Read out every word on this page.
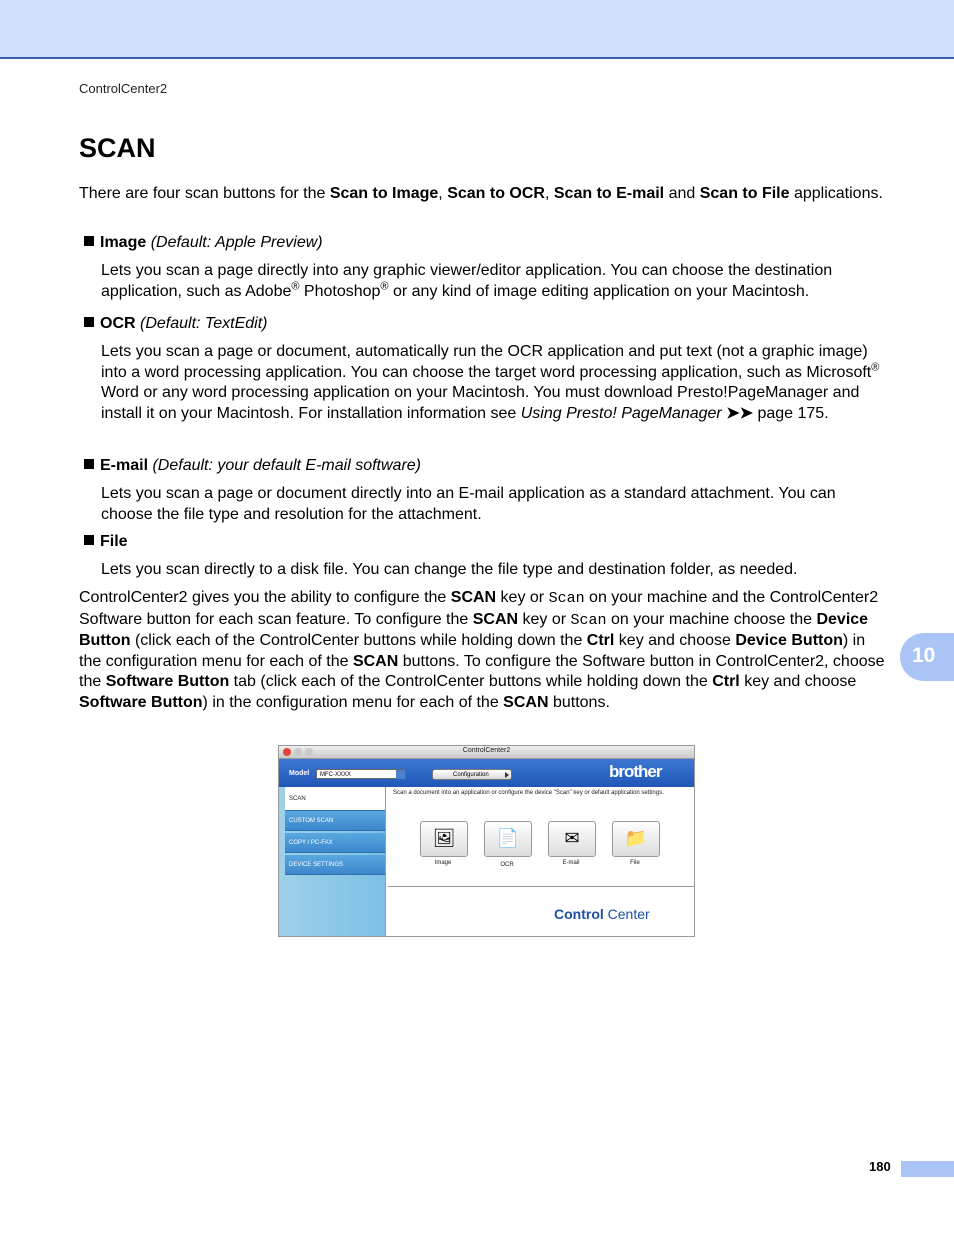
ControlCenter2
SCAN

There are four scan buttons for the Scan to Image, Scan to OCR, Scan to E-mail and Scan to File applications.

Image (Default: Apple Preview)
Lets you scan a page directly into any graphic viewer/editor application. You can choose the destination application, such as Adobe® Photoshop® or any kind of image editing application on your Macintosh.
OCR (Default: TextEdit)
Lets you scan a page or document, automatically run the OCR application and put text (not a graphic image) into a word processing application. You can choose the target word processing application, such as Microsoft® Word or any word processing application on your Macintosh. You must download Presto!PageManager and install it on your Macintosh. For installation information see Using Presto! PageManager ➤➤ page 175.
E-mail (Default: your default E-mail software)
Lets you scan a page or document directly into an E-mail application as a standard attachment. You can choose the file type and resolution for the attachment.
File
Lets you scan directly to a disk file. You can change the file type and destination folder, as needed.

ControlCenter2 gives you the ability to configure the SCAN key or Scan on your machine and the ControlCenter2 Software button for each scan feature. To configure the SCAN key or Scan on your machine choose the Device Button (click each of the ControlCenter buttons while holding down the Ctrl key and choose Device Button) in the configuration menu for each of the SCAN buttons. To configure the Software button in ControlCenter2, choose the Software Button tab (click each of the ControlCenter buttons while holding down the Ctrl key and choose Software Button) in the configuration menu for each of the SCAN buttons.

10
ControlCenter2
Model	MFC-XXXX	Configuration	brother
SCAN
CUSTOM SCAN
COPY / PC-FAX
DEVICE SETTINGS
Scan a document into an application or configure the device "Scan" key or default application settings.
🖼 📄	✉	📁
Image	OCR	E-mail	File
Control Center
180
